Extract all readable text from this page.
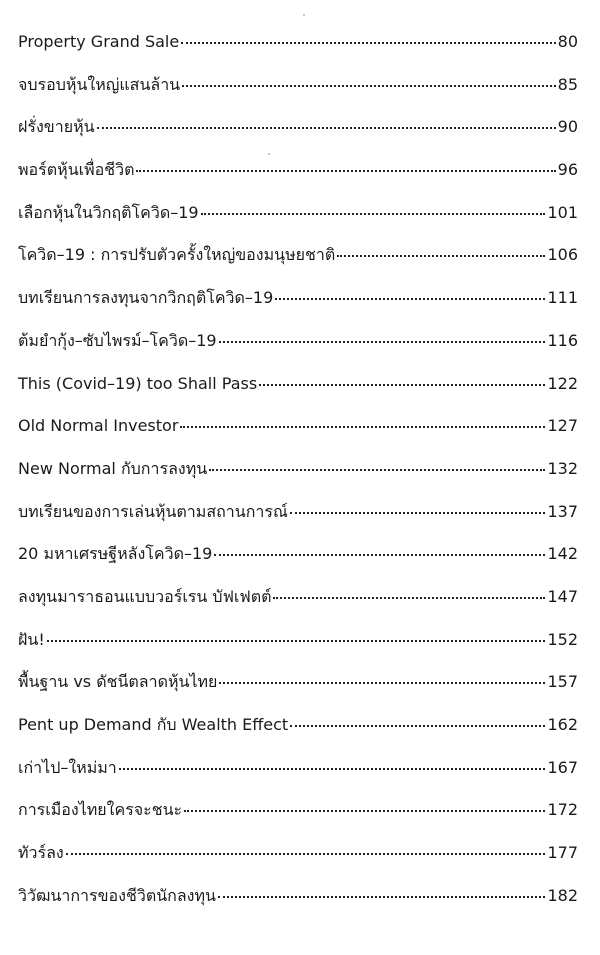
Property Grand Sale	80
จบรอบหุ้นใหญ่แสนล้าน	85
ฝรั่งขายหุ้น	90
พอร์ตหุ้นเพื่อชีวิต	96
เลือกหุ้นในวิกฤติโควิด–19	101
โควิด–19 : การปรับตัวครั้งใหญ่ของมนุษยชาติ	106
บทเรียนการลงทุนจากวิกฤติโควิด–19	111
ต้มยำกุ้ง–ซับไพรม์–โควิด–19	116
This (Covid–19) too Shall Pass	122
Old Normal Investor	127
New Normal กับการลงทุน	132
บทเรียนของการเล่นหุ้นตามสถานการณ์	137
20 มหาเศรษฐีหลังโควิด–19	142
ลงทุนมาราธอนแบบวอร์เรน บัฟเฟตต์	147
ฝัน!	152
พื้นฐาน vs ดัชนีตลาดหุ้นไทย	157
Pent up Demand กับ Wealth Effect	162
เก่าไป–ใหม่มา	167
การเมืองไทยใครจะชนะ	172
ทัวร์ลง	177
วิวัฒนาการของชีวิตนักลงทุน	182
